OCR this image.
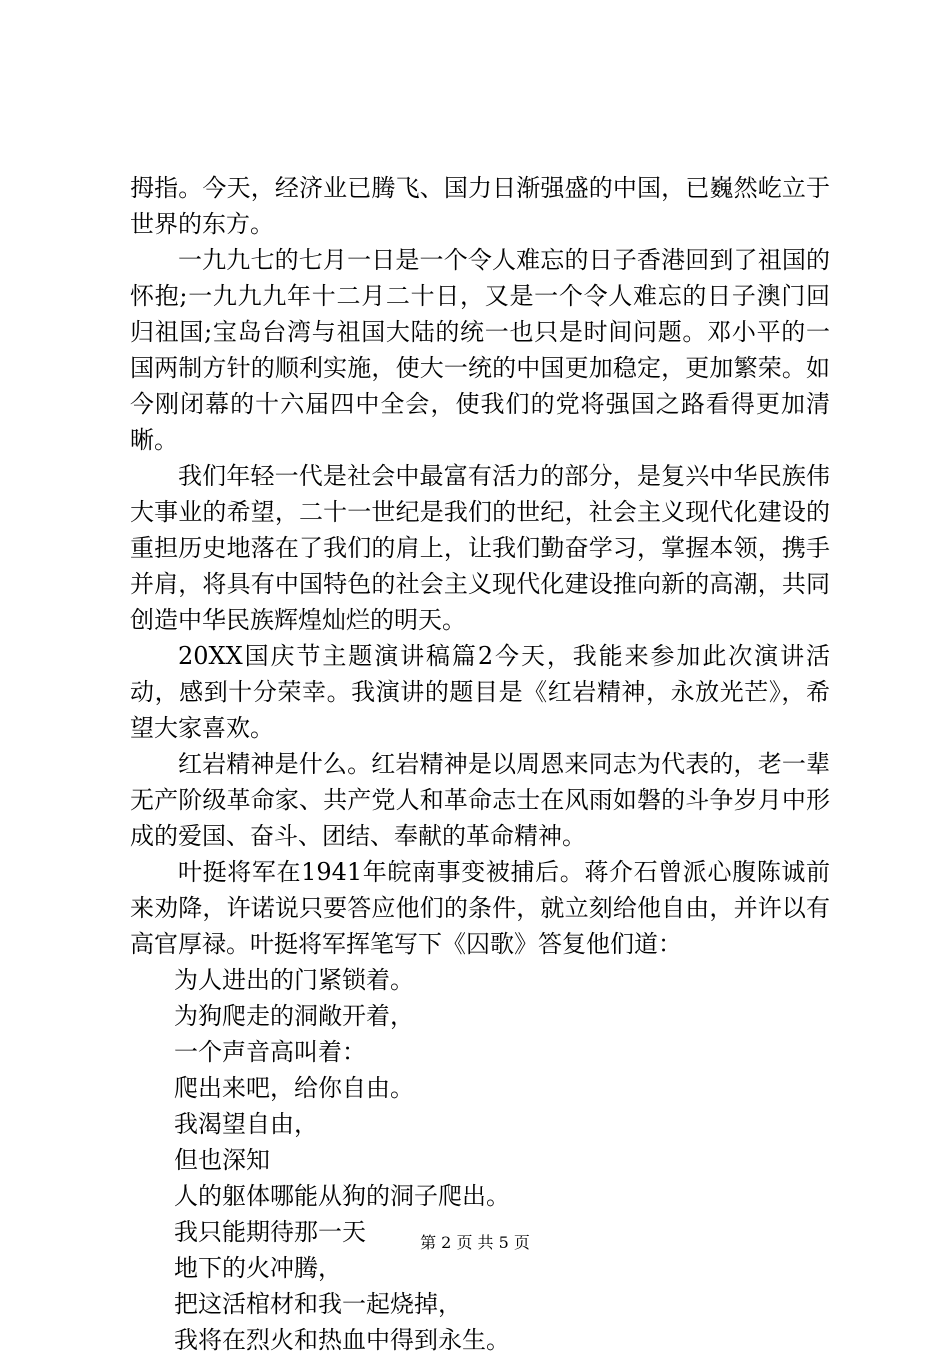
拇指。今天，经济业已腾飞、国力日渐强盛的中国，已巍然屹立于世界的东方。

一九九七的七月一日是一个令人难忘的日子香港回到了祖国的怀抱;一九九九年十二月二十日，又是一个令人难忘的日子澳门回归祖国;宝岛台湾与祖国大陆的统一也只是时间问题。邓小平的一国两制方针的顺利实施，使大一统的中国更加稳定，更加繁荣。如今刚闭幕的十六届四中全会，使我们的党将强国之路看得更加清晰。

我们年轻一代是社会中最富有活力的部分，是复兴中华民族伟大事业的希望，二十一世纪是我们的世纪，社会主义现代化建设的重担历史地落在了我们的肩上，让我们勤奋学习，掌握本领，携手并肩，将具有中国特色的社会主义现代化建设推向新的高潮，共同创造中华民族辉煌灿烂的明天。

20XX国庆节主题演讲稿篇2今天，我能来参加此次演讲活动，感到十分荣幸。我演讲的题目是《红岩精神，永放光芒》，希望大家喜欢。

红岩精神是什么。红岩精神是以周恩来同志为代表的，老一辈无产阶级革命家、共产党人和革命志士在风雨如磐的斗争岁月中形成的爱国、奋斗、团结、奉献的革命精神。

叶挺将军在1941年皖南事变被捕后。蒋介石曾派心腹陈诚前来劝降，许诺说只要答应他们的条件，就立刻给他自由，并许以有高官厚禄。叶挺将军挥笔写下《囚歌》答复他们道：

为人进出的门紧锁着。

为狗爬走的洞敞开着，

一个声音高叫着：

爬出来吧，给你自由。

我渴望自由，

但也深知

人的躯体哪能从狗的洞子爬出。

我只能期待那一天

地下的火冲腾，

把这活棺材和我一起烧掉，

我将在烈火和热血中得到永生。

第 2 页 共 5 页
